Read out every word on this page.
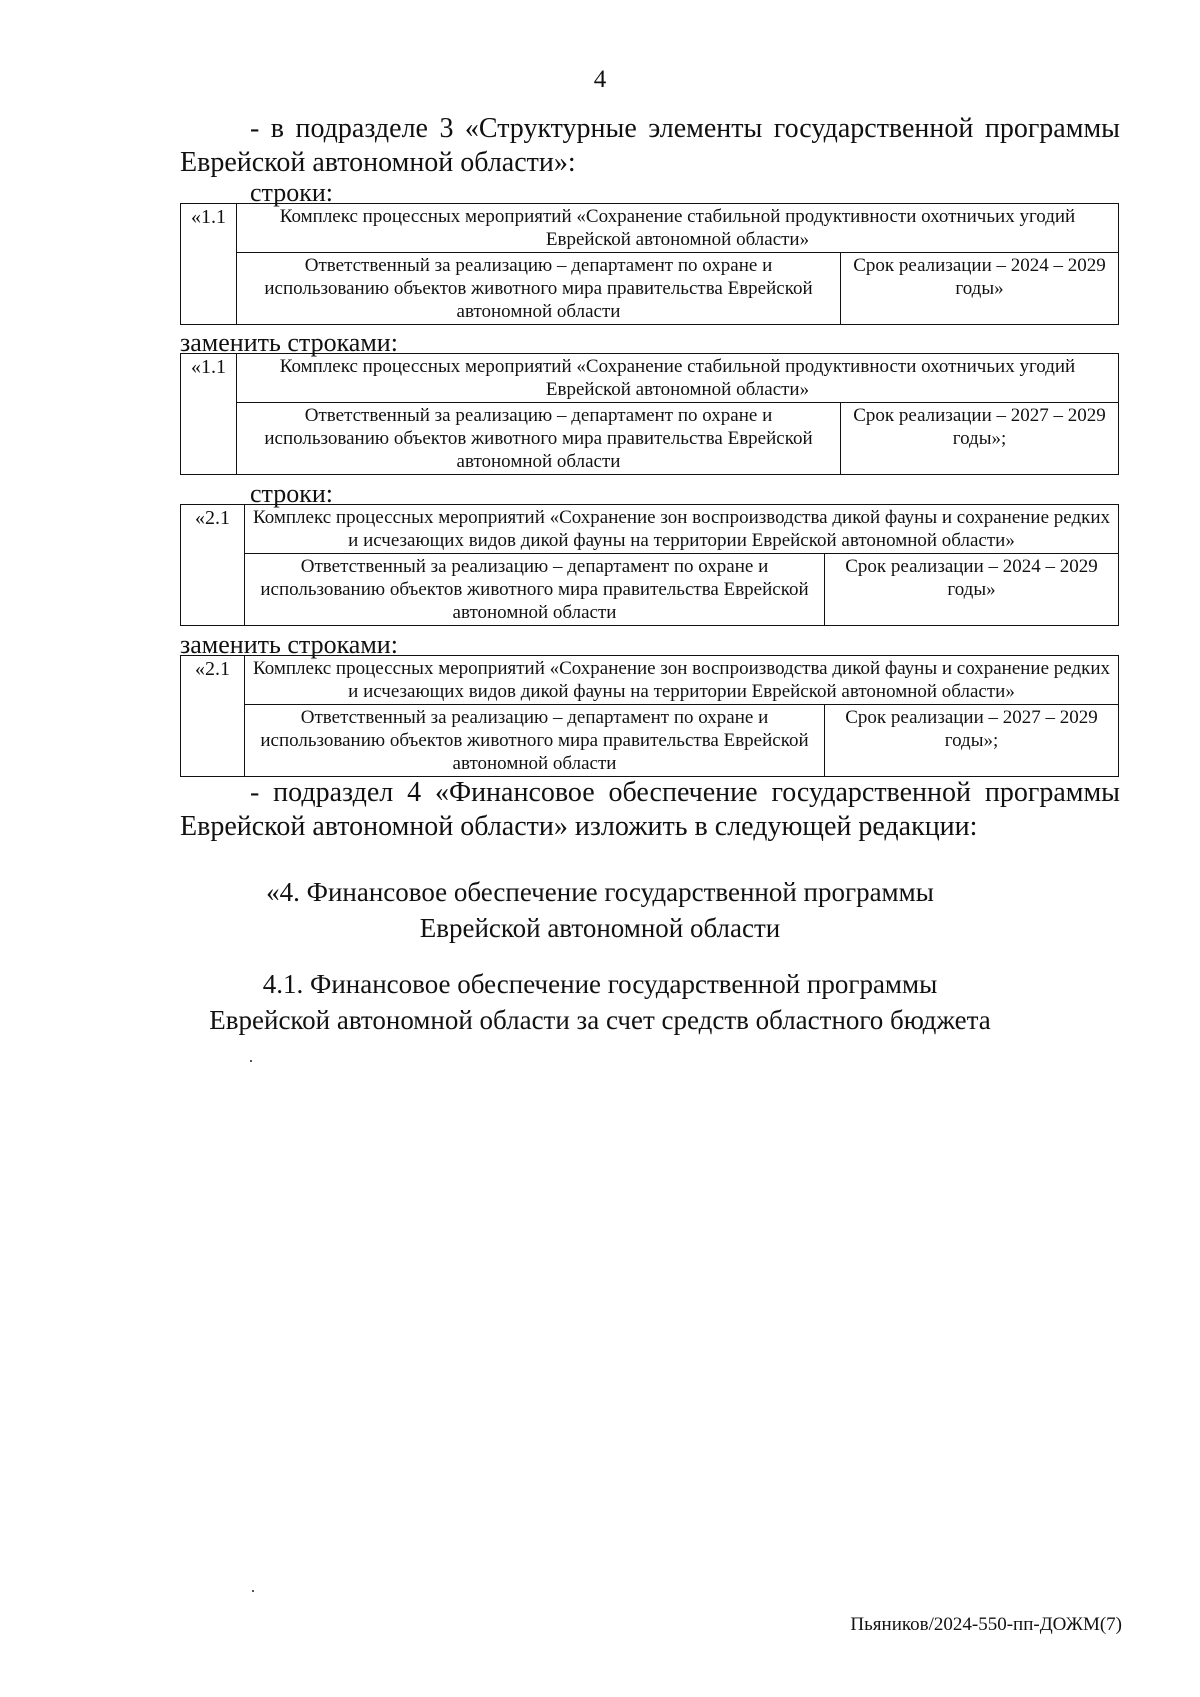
4
- в подразделе 3 «Структурные элементы государственной программы
Еврейской автономной области»:
строки:
«1.1	Комплекс процессных мероприятий «Сохранение стабильной продуктивности охотничьих угодий Еврейской автономной области»	
	Ответственный за реализацию – департамент по охране и использованию объектов животного мира правительства Еврейской автономной области	Срок реализации – 2024 – 2029 годы»
заменить строками:
«1.1	Комплекс процессных мероприятий «Сохранение стабильной продуктивности охотничьих угодий Еврейской автономной области»	
	Ответственный за реализацию – департамент по охране и использованию объектов животного мира правительства Еврейской автономной области	Срок реализации – 2027 – 2029 годы»;
строки:
«2.1	Комплекс процессных мероприятий «Сохранение зон воспроизводства дикой фауны и сохранение редких и исчезающих видов дикой фауны на территории Еврейской автономной области»	
	Ответственный за реализацию – департамент по охране и использованию объектов животного мира правительства Еврейской автономной области	Срок реализации – 2024 – 2029 годы»
заменить строками:
«2.1	Комплекс процессных мероприятий «Сохранение зон воспроизводства дикой фауны и сохранение редких и исчезающих видов дикой фауны на территории Еврейской автономной области»	
	Ответственный за реализацию – департамент по охране и использованию объектов животного мира правительства Еврейской автономной области	Срок реализации – 2027 – 2029 годы»;
- подраздел 4 «Финансовое обеспечение государственной программы
Еврейской автономной области» изложить в следующей редакции:
«4. Финансовое обеспечение государственной программы
Еврейской автономной области
4.1. Финансовое обеспечение государственной программы
Еврейской автономной области за счет средств областного бюджета
Пьяников/2024-550-пп-ДОЖМ(7)
